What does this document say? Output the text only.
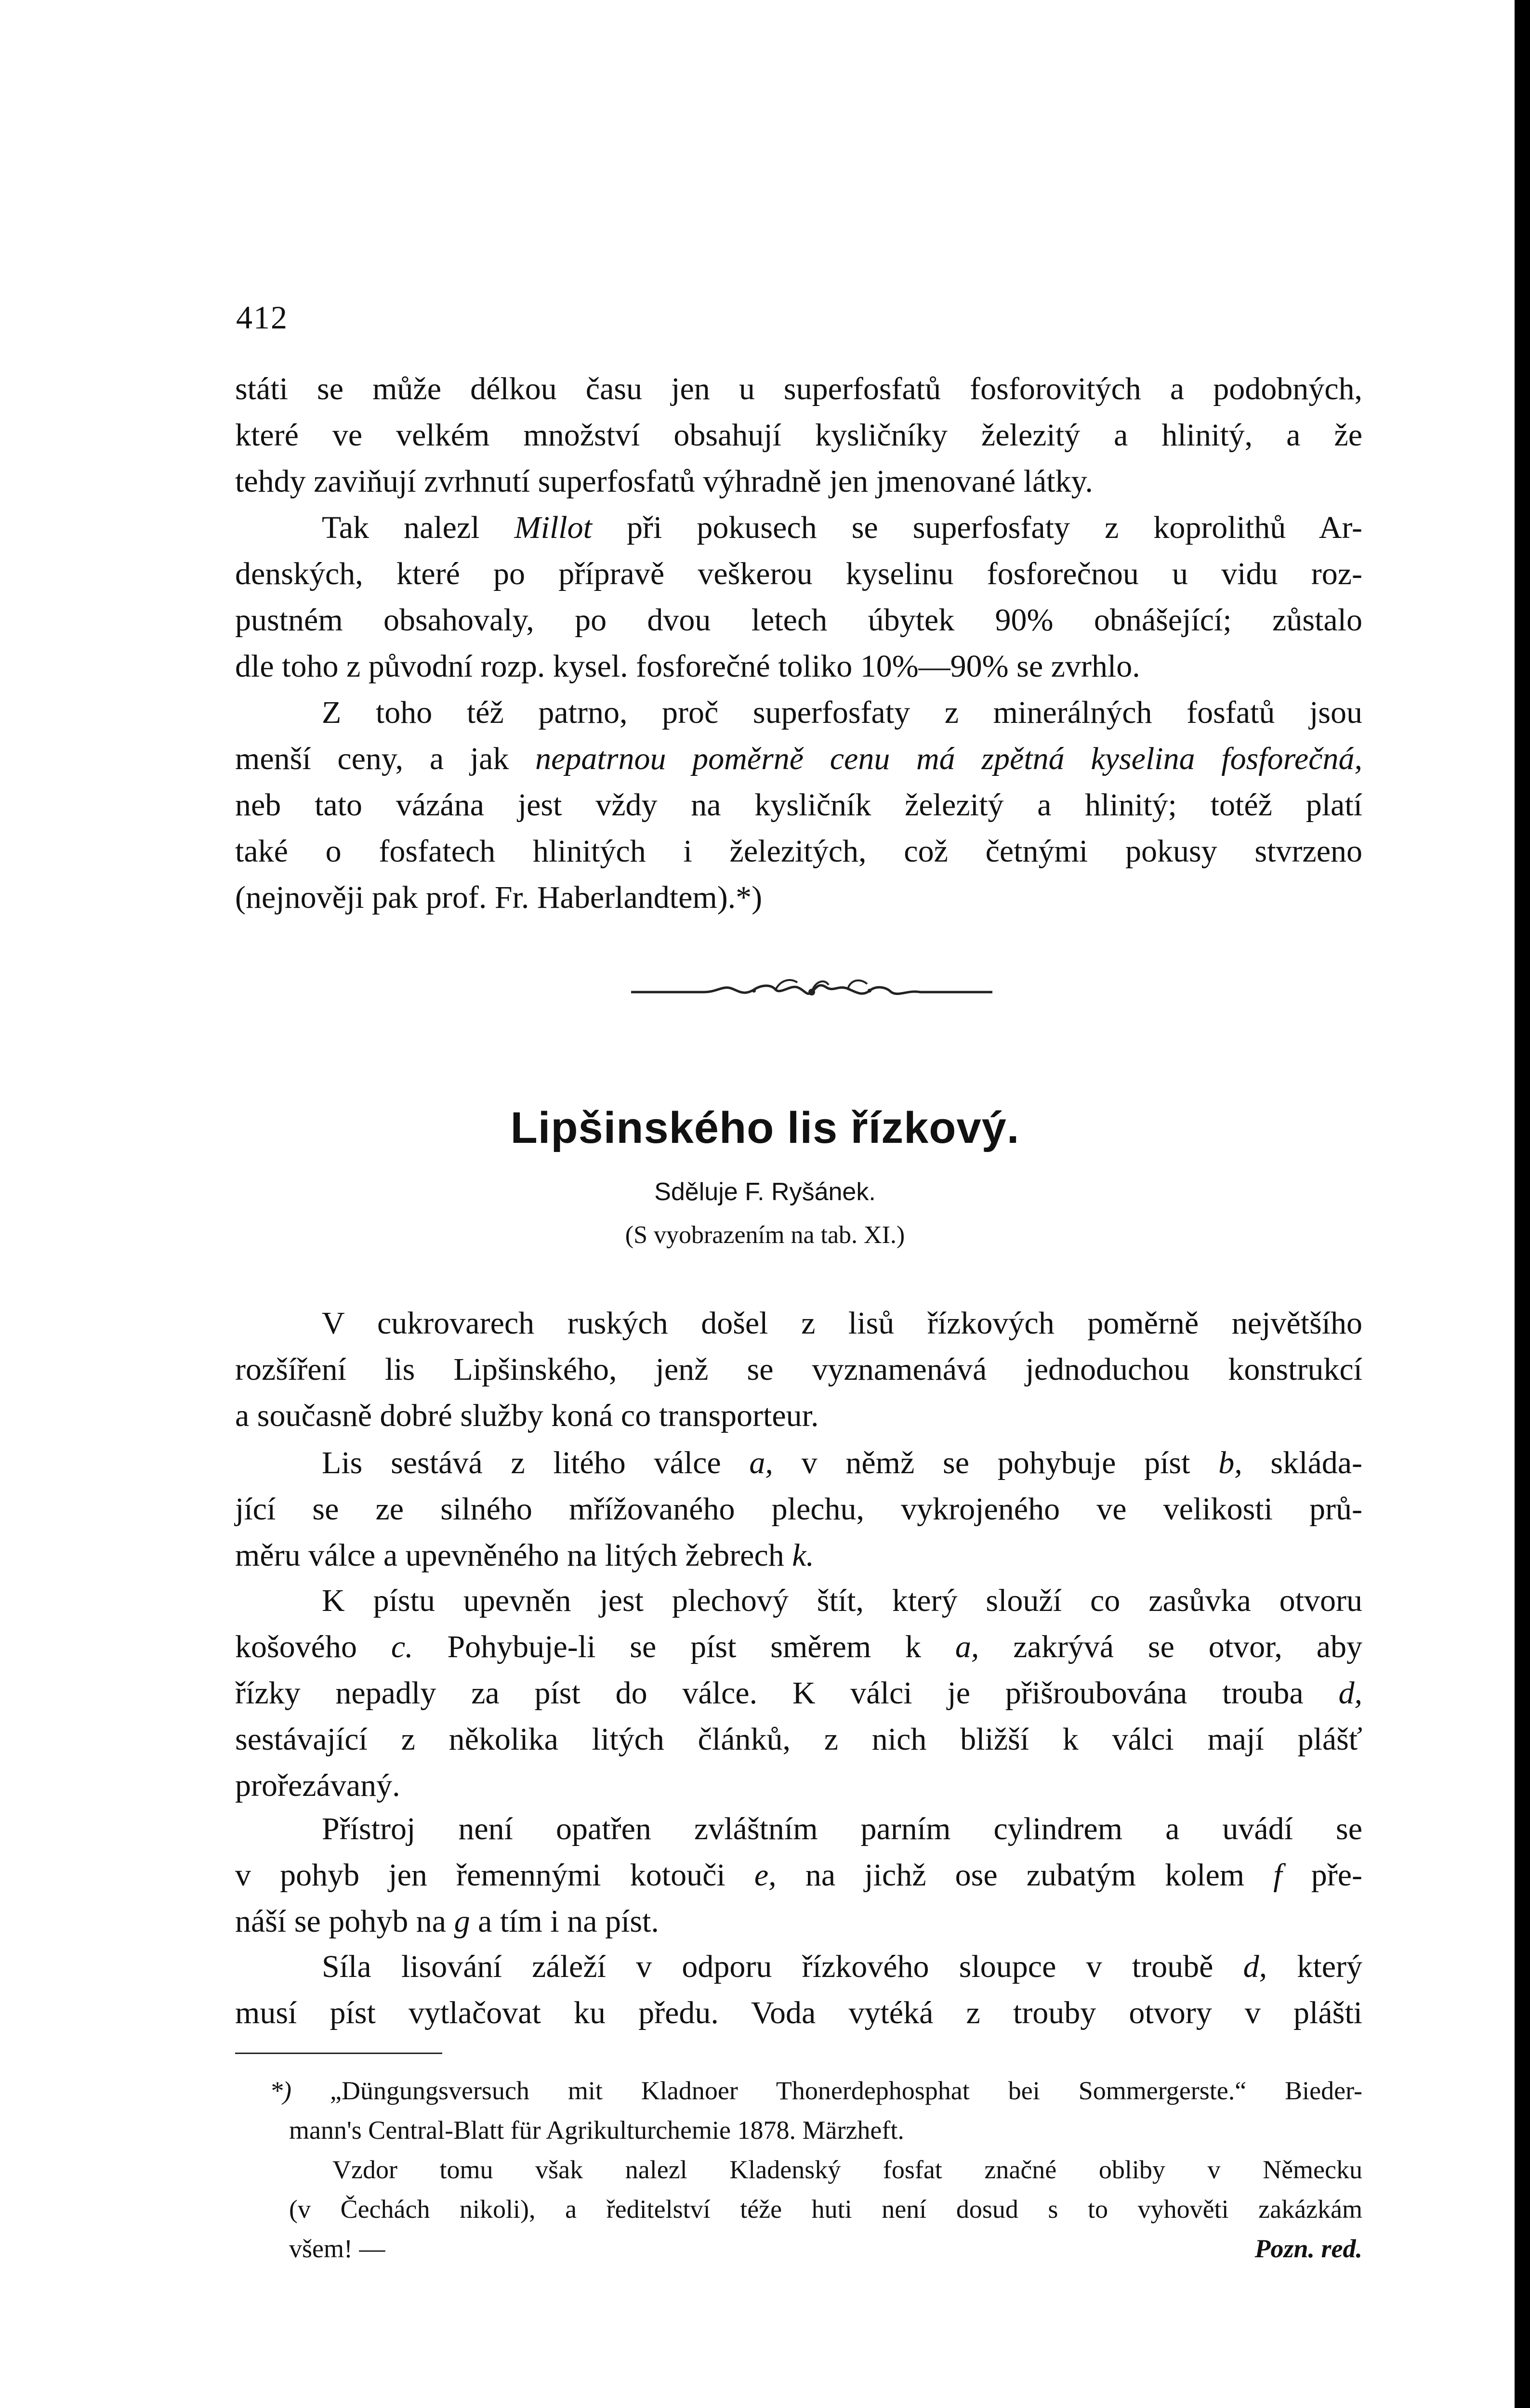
412
státi se může délkou času jen u superfosfatů fosforovitých a podobných,
které ve velkém množství obsahují kysličníky železitý a hlinitý, a že
tehdy zaviňují zvrhnutí superfosfatů výhradně jen jmenované látky.
Tak nalezl Millot při pokusech se superfosfaty z koprolithů Ar-
denských, které po přípravě veškerou kyselinu fosforečnou u vidu roz-
pustném obsahovaly, po dvou letech úbytek 90% obnášející; zůstalo
dle toho z původní rozp. kysel. fosforečné toliko 10%—90% se zvrhlo.
Z toho též patrno, proč superfosfaty z minerálných fosfatů jsou
menší ceny, a jak nepatrnou poměrně cenu má zpětná kyselina fosforečná,
neb tato vázána jest vždy na kysličník železitý a hlinitý; totéž platí
také o fosfatech hlinitých i železitých, což četnými pokusy stvrzeno
(nejnověji pak prof. Fr. Haberlandtem).*)
Lipšinského lis řízkový.
Sděluje F. Ryšánek.
(S vyobrazením na tab. XI.)
V cukrovarech ruských došel z lisů řízkových poměrně největšího
rozšíření lis Lipšinského, jenž se vyznamenává jednoduchou konstrukcí
a současně dobré služby koná co transporteur.
Lis sestává z litého válce a, v němž se pohybuje píst b, skláda-
jící se ze silného mřížovaného plechu, vykrojeného ve velikosti prů-
měru válce a upevněného na litých žebrech k.
K pístu upevněn jest plechový štít, který slouží co zasůvka otvoru
košového c. Pohybuje-li se píst směrem k a, zakrývá se otvor, aby
řízky nepadly za píst do válce. K válci je přišroubována trouba d,
sestávající z několika litých článků, z nich bližší k válci mají plášť
prořezávaný.
Přístroj není opatřen zvláštním parním cylindrem a uvádí se
v pohyb jen řemennými kotouči e, na jichž ose zubatým kolem f pře-
náší se pohyb na g a tím i na píst.
Síla lisování záleží v odporu řízkového sloupce v troubě d, který
musí píst vytlačovat ku předu. Voda vytéká z trouby otvory v plášti
*) „Düngungsversuch mit Kladnoer Thonerdephosphat bei Sommergerste.“ Bieder-
mann's Central-Blatt für Agrikulturchemie 1878. Märzheft.
Vzdor tomu však nalezl Kladenský fosfat značné obliby v Německu
(v Čechách nikoli), a ředitelství téže huti není dosud s to vyhověti zakázkám
všem! —	Pozn. red.
